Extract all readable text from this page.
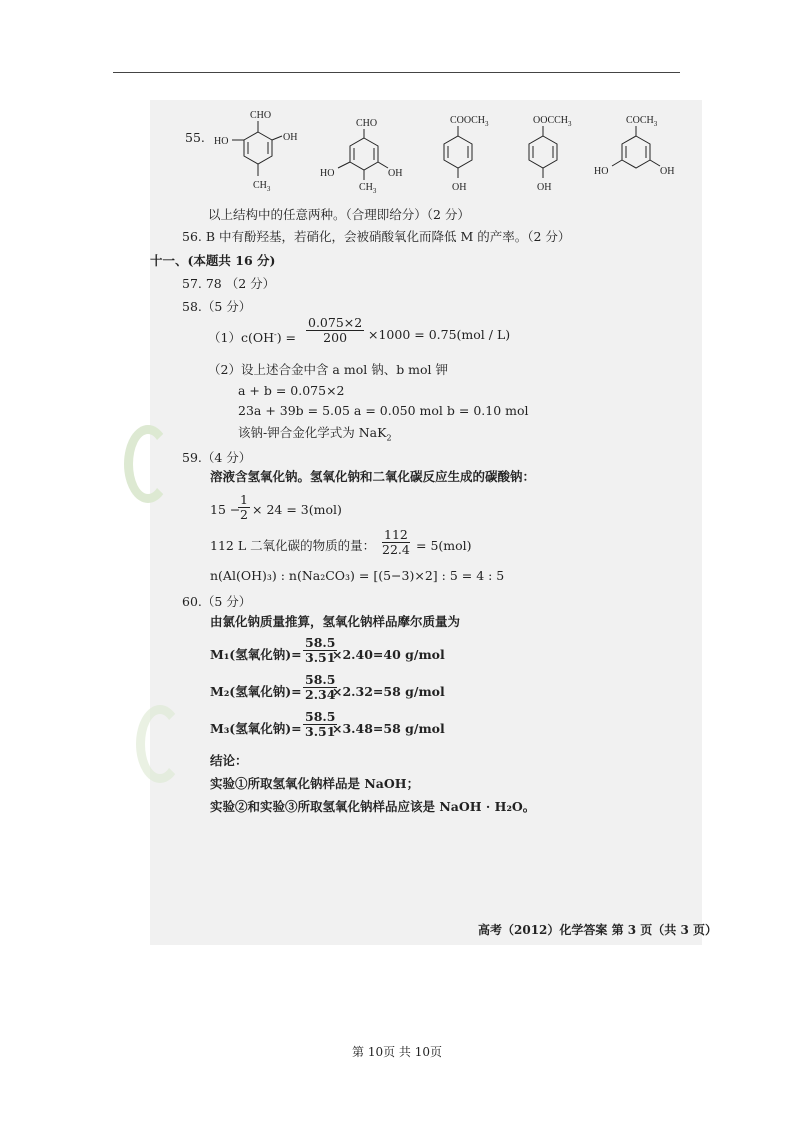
55.
CHO
HO	OH
$CH_3$
CHO
HO	OH
$CH_3$
$COOCH_3$
OH
$OOCCH_3$
OH
$COCH_3$
HO	OH
以上结构中的任意两种。（合理即给分）（2 分）
56. B 中有酚羟基，若硝化，会被硝酸氧化而降低 M 的产率。（2 分）
十一、(本题共 16 分)
57. 78 （2 分）
58.（5 分）
$(1)c(OH^-) = \frac{0.075\times 2}{200} \times 1000 = 0.75(mol / L)$
（2）设上述合金中含 a mol 钠、b mol 钾
a + b = 0.075×2
23a + 39b = 5.05 a = 0.050 mol b = 0.10 mol
该钠-钾合金化学式为 NaK$_2$
59.（4 分）
溶液含氢氧化钠。氢氧化钠和二氧化碳反应生成的碳酸钠：
15 −
$\frac{1}{2} \times 24 = 3(mol)$
112 L 二氧化碳的物质的量： $\frac{112}{22.4} = 5(mol)$
n(Al(OH)₃) : n(Na₂CO₃) = [(5−3)×2] : 5 = 4 : 5
60.（5 分）
由氯化钠质量推算，氢氧化钠样品摩尔质量为
M₁(氢氧化钠)= $\frac{58.5}{3.51}$
×2.40=40 g/mol
M₂(氢氧化钠)= $\frac{58.5}{2.34}$
×2.32=58 g/mol
M₃(氢氧化钠)= $\frac{58.5}{3.51}$
×3.48=58 g/mol
结论：
实验①所取氢氧化钠样品是 NaOH；
实验②和实验③所取氢氧化钠样品应该是 NaOH · H₂O。
高考（2012）化学答案 第 3 页（共 3 页）
第 10页 共 10页
